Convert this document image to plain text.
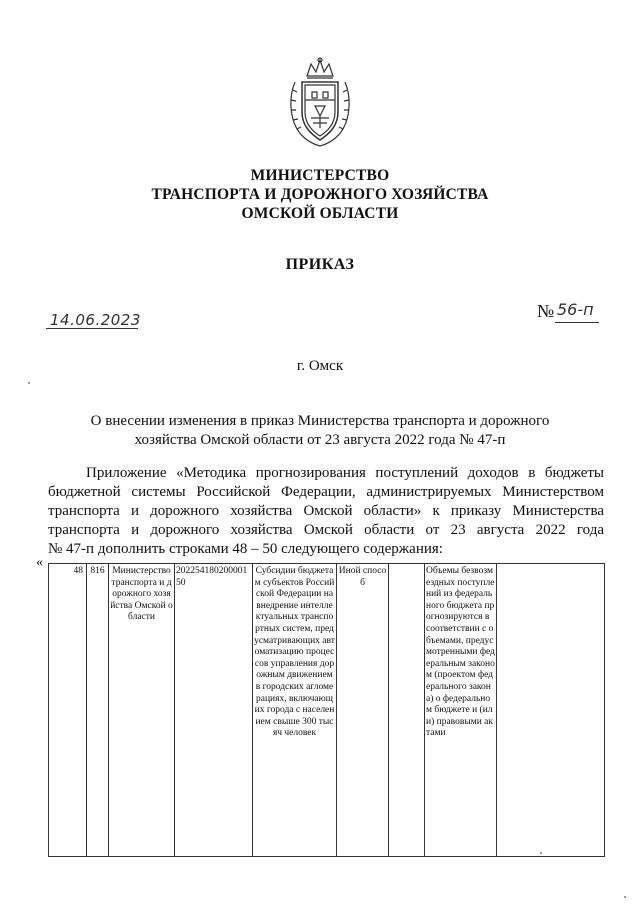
МИНИСТЕРСТВО
ТРАНСПОРТА И ДОРОЖНОГО ХОЗЯЙСТВА
ОМСКОЙ ОБЛАСТИ
ПРИКАЗ
14.06.2023	№ 56-п
г. Омск
О внесении изменения в приказ Министерства транспорта и дорожного
хозяйства Омской области от 23 августа 2022 года № 47-п
Приложение «Методика прогнозирования поступлений доходов в бюджеты
бюджетной системы Российской Федерации, администрируемых Министерством
транспорта и дорожного хозяйства Омской области» к приказу Министерства
транспорта и дорожного хозяйства Омской области от 23 августа 2022 года
№ 47-п дополнить строками 48 – 50 следующего содержания:
«
48	816	Министерство транспорта и дорожного хозяйства Омской области	20225418020000150	Субсидии бюджетам субъектов Российской Федерации на внедрение интеллектуальных транспортных систем, предусматривающих автоматизацию процессов управления дорожным движением в городских агломерациях, включающих города с населением свыше 300 тысяч человек	Иной способ		Объемы безвозмездных поступлений из федерального бюджета прогнозируются в соответствии с объемами, предусмотренными федеральным законом (проектом федерального закона) о федеральном бюджете и (или) правовыми актами	
